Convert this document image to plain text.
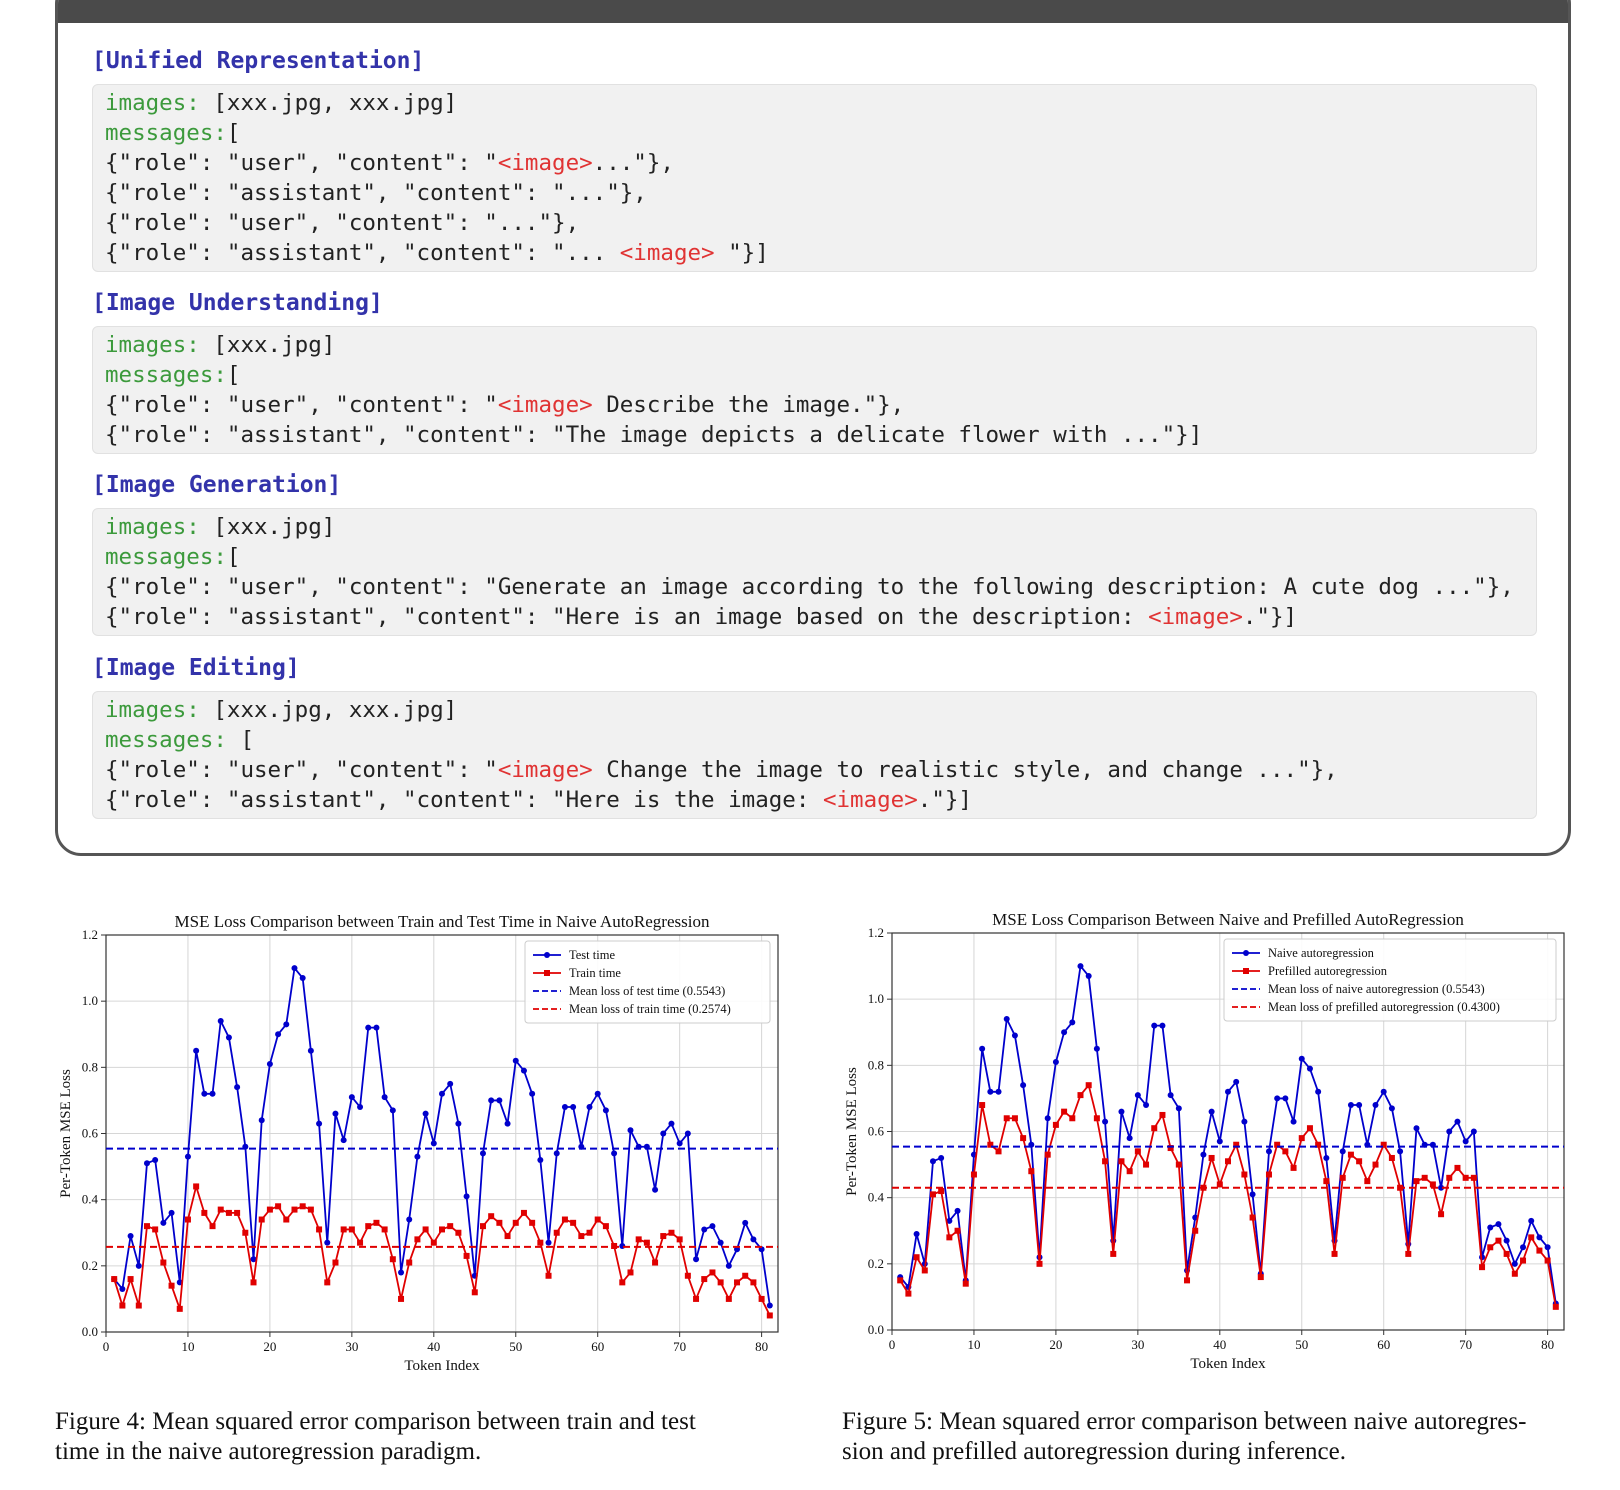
[Unified Representation]
images: [xxx.jpg, xxx.jpg]
messages:[
{"role": "user", "content": "<image>..."},
{"role": "assistant", "content": "..."},
{"role": "user", "content": "..."},
{"role": "assistant", "content": "... <image> "}]
[Image Understanding]
images: [xxx.jpg]
messages:[
{"role": "user", "content": "<image> Describe the image."},
{"role": "assistant", "content": "The image depicts a delicate flower with ..."}]
[Image Generation]
images: [xxx.jpg]
messages:[
{"role": "user", "content": "Generate an image according to the following description: A cute dog ..."},
{"role": "assistant", "content": "Here is an image based on the description: <image>."}]
[Image Editing]
images: [xxx.jpg, xxx.jpg]
messages: [
{"role": "user", "content": "<image> Change the image to realistic style, and change ..."},
{"role": "assistant", "content": "Here is the image: <image>."}]
MSE Loss Comparison between Train and Test Time in Naive AutoRegression
0	10	20	30	40	50	60	70	80
0.0
0.2
0.4
0.6
0.8
1.0
1.2
Token Index
Per-Token MSE Loss
Test time
Train time
Mean loss of test time (0.5543)
Mean loss of train time (0.2574)
MSE Loss Comparison Between Naive and Prefilled AutoRegression
0	10	20	30	40	50	60	70	80
0.0
0.2
0.4
0.6
0.8
1.0
1.2
Token Index
Per-Token MSE Loss
Naive autoregression
Prefilled autoregression
Mean loss of naive autoregression (0.5543)
Mean loss of prefilled autoregression (0.4300)
Figure 4: Mean squared error comparison between train and test
time in the naive autoregression paradigm.
Figure 5: Mean squared error comparison between naive autoregres-
sion and prefilled autoregression during inference.
